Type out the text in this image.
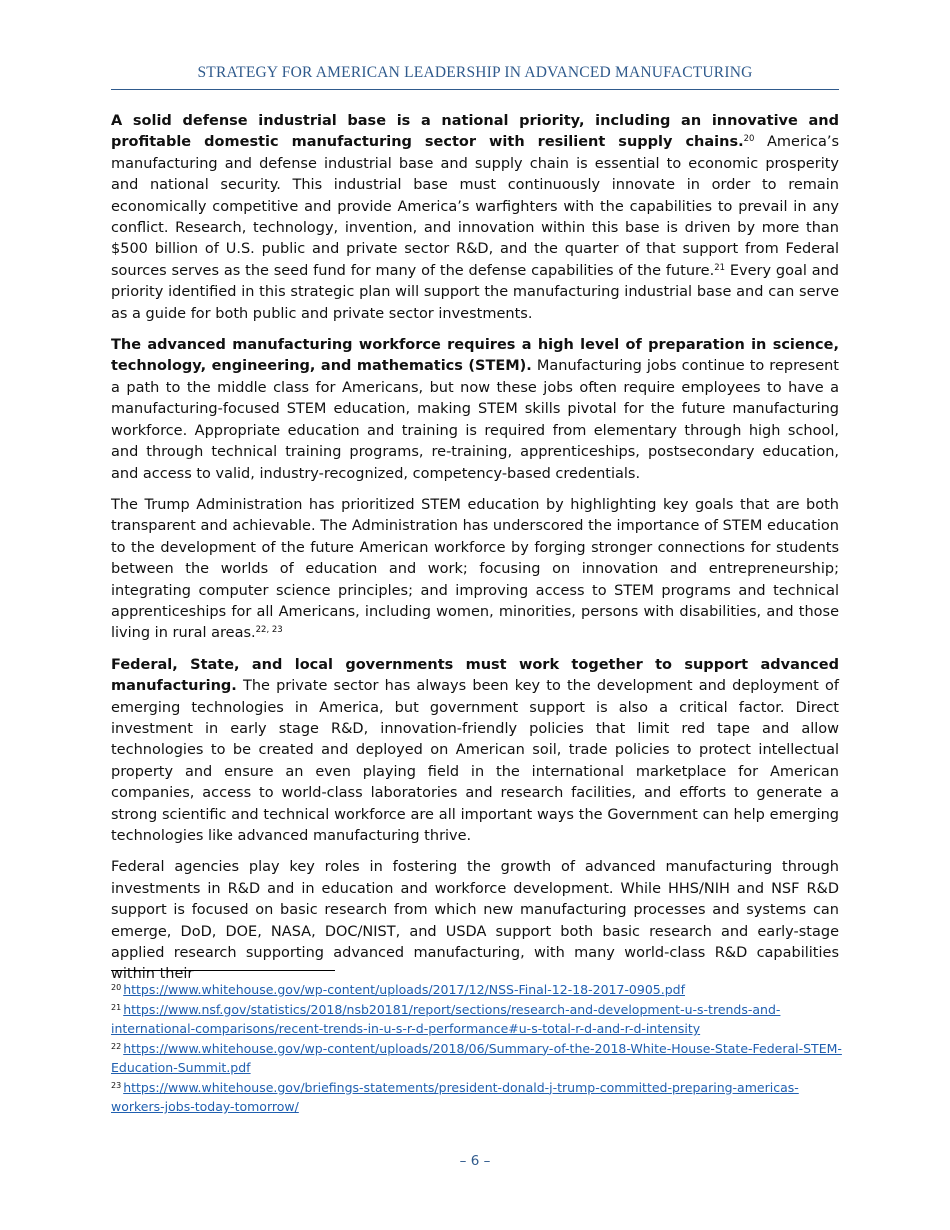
STRATEGY FOR AMERICAN LEADERSHIP IN ADVANCED MANUFACTURING

A solid defense industrial base is a national priority, including an innovative and profitable domestic manufacturing sector with resilient supply chains.$^{20}$ America’s manufacturing and defense industrial base and supply chain is essential to economic prosperity and national security. This industrial base must continuously innovate in order to remain economically competitive and provide America’s warfighters with the capabilities to prevail in any conflict. Research, technology, invention, and innovation within this base is driven by more than $500 billion of U.S. public and private sector R&D, and the quarter of that support from Federal sources serves as the seed fund for many of the defense capabilities of the future.$^{21}$ Every goal and priority identified in this strategic plan will support the manufacturing industrial base and can serve as a guide for both public and private sector investments.

The advanced manufacturing workforce requires a high level of preparation in science, technology, engineering, and mathematics (STEM). Manufacturing jobs continue to represent a path to the middle class for Americans, but now these jobs often require employees to have a manufacturing-focused STEM education, making STEM skills pivotal for the future manufacturing workforce. Appropriate education and training is required from elementary through high school, and through technical training programs, re-training, apprenticeships, postsecondary education, and access to valid, industry-recognized, competency-based credentials.

The Trump Administration has prioritized STEM education by highlighting key goals that are both transparent and achievable. The Administration has underscored the importance of STEM education to the development of the future American workforce by forging stronger connections for students between the worlds of education and work; focusing on innovation and entrepreneurship; integrating computer science principles; and improving access to STEM programs and technical apprenticeships for all Americans, including women, minorities, persons with disabilities, and those living in rural areas.$^{22, 23}$

Federal, State, and local governments must work together to support advanced manufacturing. The private sector has always been key to the development and deployment of emerging technologies in America, but government support is also a critical factor. Direct investment in early stage R&D, innovation-friendly policies that limit red tape and allow technologies to be created and deployed on American soil, trade policies to protect intellectual property and ensure an even playing field in the international marketplace for American companies, access to world-class laboratories and research facilities, and efforts to generate a strong scientific and technical workforce are all important ways the Government can help emerging technologies like advanced manufacturing thrive.

Federal agencies play key roles in fostering the growth of advanced manufacturing through investments in R&D and in education and workforce development. While HHS/NIH and NSF R&D support is focused on basic research from which new manufacturing processes and systems can emerge, DoD, DOE, NASA, DOC/NIST, and USDA support both basic research and early-stage applied research supporting advanced manufacturing, with many world-class R&D capabilities within their

$^{20}$ https://www.whitehouse.gov/wp-content/uploads/2017/12/NSS-Final-12-18-2017-0905.pdf

$^{21}$ https://www.nsf.gov/statistics/2018/nsb20181/report/sections/research-and-development-u-s-trends-and-international-comparisons/recent-trends-in-u-s-r-d-performance#u-s-total-r-d-and-r-d-intensity

$^{22}$ https://www.whitehouse.gov/wp-content/uploads/2018/06/Summary-of-the-2018-White-House-State-Federal-STEM-Education-Summit.pdf

$^{23}$ https://www.whitehouse.gov/briefings-statements/president-donald-j-trump-committed-preparing-americas-workers-jobs-today-tomorrow/

– 6 –
